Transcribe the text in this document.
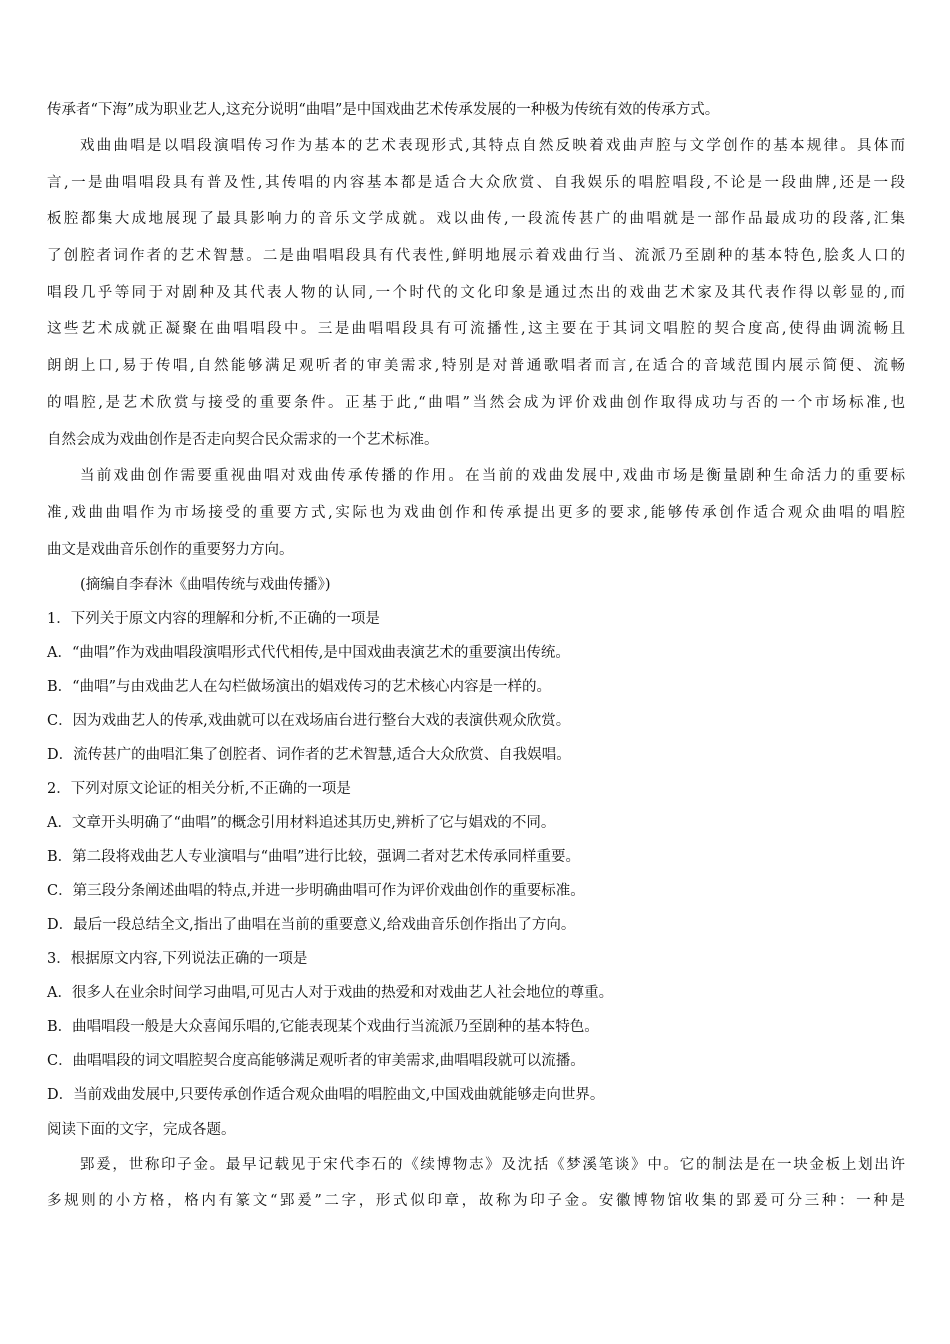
传承者“下海”成为职业艺人,这充分说明“曲唱”是中国戏曲艺术传承发展的一种极为传统有效的传承方式。
戏曲曲唱是以唱段演唱传习作为基本的艺术表现形式,其特点自然反映着戏曲声腔与文学创作的基本规律。具体而
言,一是曲唱唱段具有普及性,其传唱的内容基本都是适合大众欣赏、自我娱乐的唱腔唱段,不论是一段曲牌,还是一段
板腔都集大成地展现了最具影响力的音乐文学成就。戏以曲传,一段流传甚广的曲唱就是一部作品最成功的段落,汇集
了创腔者词作者的艺术智慧。二是曲唱唱段具有代表性,鲜明地展示着戏曲行当、流派乃至剧种的基本特色,脍炙人口的
唱段几乎等同于对剧种及其代表人物的认同,一个时代的文化印象是通过杰出的戏曲艺术家及其代表作得以彰显的,而
这些艺术成就正凝聚在曲唱唱段中。三是曲唱唱段具有可流播性,这主要在于其词文唱腔的契合度高,使得曲调流畅且
朗朗上口,易于传唱,自然能够满足观听者的审美需求,特别是对普通歌唱者而言,在适合的音域范围内展示简便、流畅
的唱腔,是艺术欣赏与接受的重要条件。正基于此,“曲唱”当然会成为评价戏曲创作取得成功与否的一个市场标准,也
自然会成为戏曲创作是否走向契合民众需求的一个艺术标准。
当前戏曲创作需要重视曲唱对戏曲传承传播的作用。在当前的戏曲发展中,戏曲市场是衡量剧种生命活力的重要标
准,戏曲曲唱作为市场接受的重要方式,实际也为戏曲创作和传承提出更多的要求,能够传承创作适合观众曲唱的唱腔
曲文是戏曲音乐创作的重要努力方向。
(摘编自李春沐《曲唱传统与戏曲传播》)
1．下列关于原文内容的理解和分析,不正确的一项是
A．“曲唱”作为戏曲唱段演唱形式代代相传,是中国戏曲表演艺术的重要演出传统。
B．“曲唱”与由戏曲艺人在勾栏做场演出的娼戏传习的艺术核心内容是一样的。
C．因为戏曲艺人的传承,戏曲就可以在戏场庙台进行整台大戏的表演供观众欣赏。
D．流传甚广的曲唱汇集了创腔者、词作者的艺术智慧,适合大众欣赏、自我娱唱。
2．下列对原文论证的相关分析,不正确的一项是
A．文章开头明确了“曲唱”的概念引用材料追述其历史,辨析了它与娼戏的不同。
B．第二段将戏曲艺人专业演唱与“曲唱”进行比较，强调二者对艺术传承同样重要。
C．第三段分条阐述曲唱的特点,并进一步明确曲唱可作为评价戏曲创作的重要标准。
D．最后一段总结全文,指出了曲唱在当前的重要意义,给戏曲音乐创作指出了方向。
3．根据原文内容,下列说法正确的一项是
A．很多人在业余时间学习曲唱,可见古人对于戏曲的热爱和对戏曲艺人社会地位的尊重。
B．曲唱唱段一般是大众喜闻乐唱的,它能表现某个戏曲行当流派乃至剧种的基本特色。
C．曲唱唱段的词文唱腔契合度高能够满足观听者的审美需求,曲唱唱段就可以流播。
D．当前戏曲发展中,只要传承创作适合观众曲唱的唱腔曲文,中国戏曲就能够走向世界。
阅读下面的文字，完成各题。
郢爰，世称印子金。最早记载见于宋代李石的《续博物志》及沈括《梦溪笔谈》中。它的制法是在一块金板上划出许
多规则的小方格，格内有篆文“郢爰”二字，形式似印章，故称为印子金。安徽博物馆收集的郢爰可分三种：一种是
